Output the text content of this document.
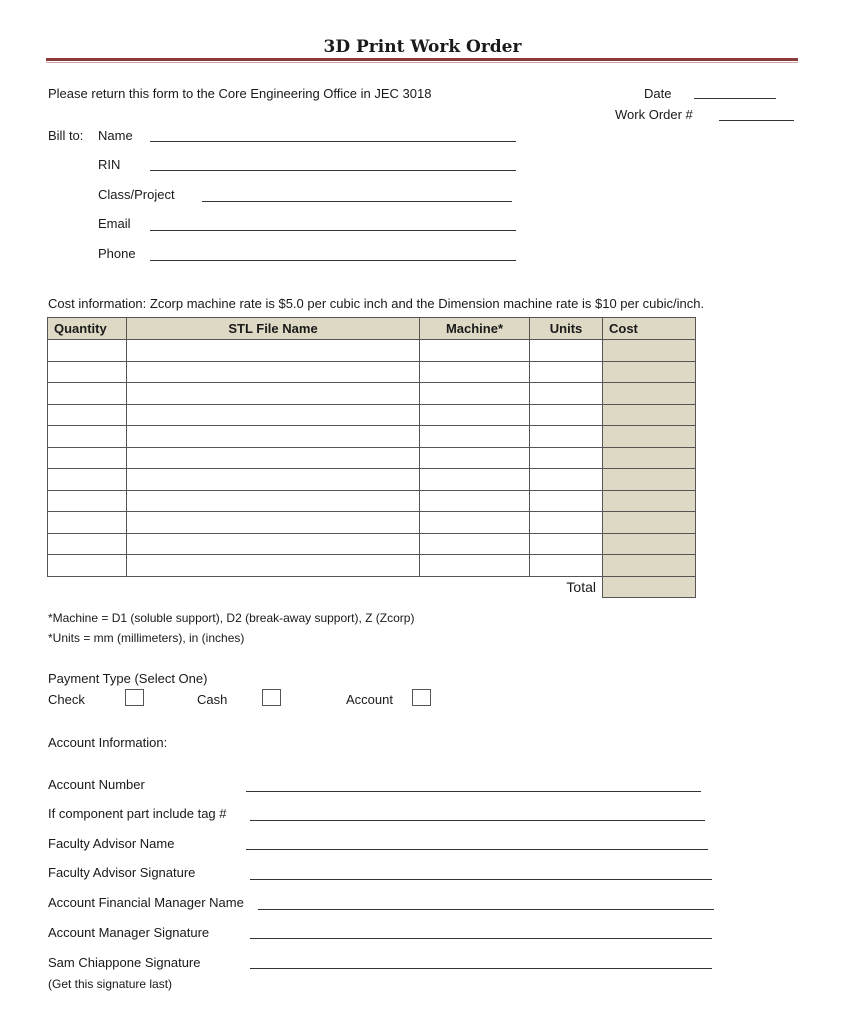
3D Print Work Order
Please return this form to the Core Engineering Office in JEC 3018	Date
Work Order #
Bill to: Name
RIN
Class/Project
Email
Phone
Cost information: Zcorp machine rate is $5.0 per cubic inch and the Dimension machine rate is $10 per cubic/inch.
Quantity	STL File Name	Machine*	Units	Cost

Total				
*Machine = D1 (soluble support), D2 (break-away support), Z (Zcorp)
*Units = mm (millimeters), in (inches)
Payment Type (Select One)
Check	Cash	Account
Account Information:
Account Number
If component part include tag #
Faculty Advisor Name
Faculty Advisor Signature
Account Financial Manager Name
Account Manager Signature
Sam Chiappone Signature
(Get this signature last)
